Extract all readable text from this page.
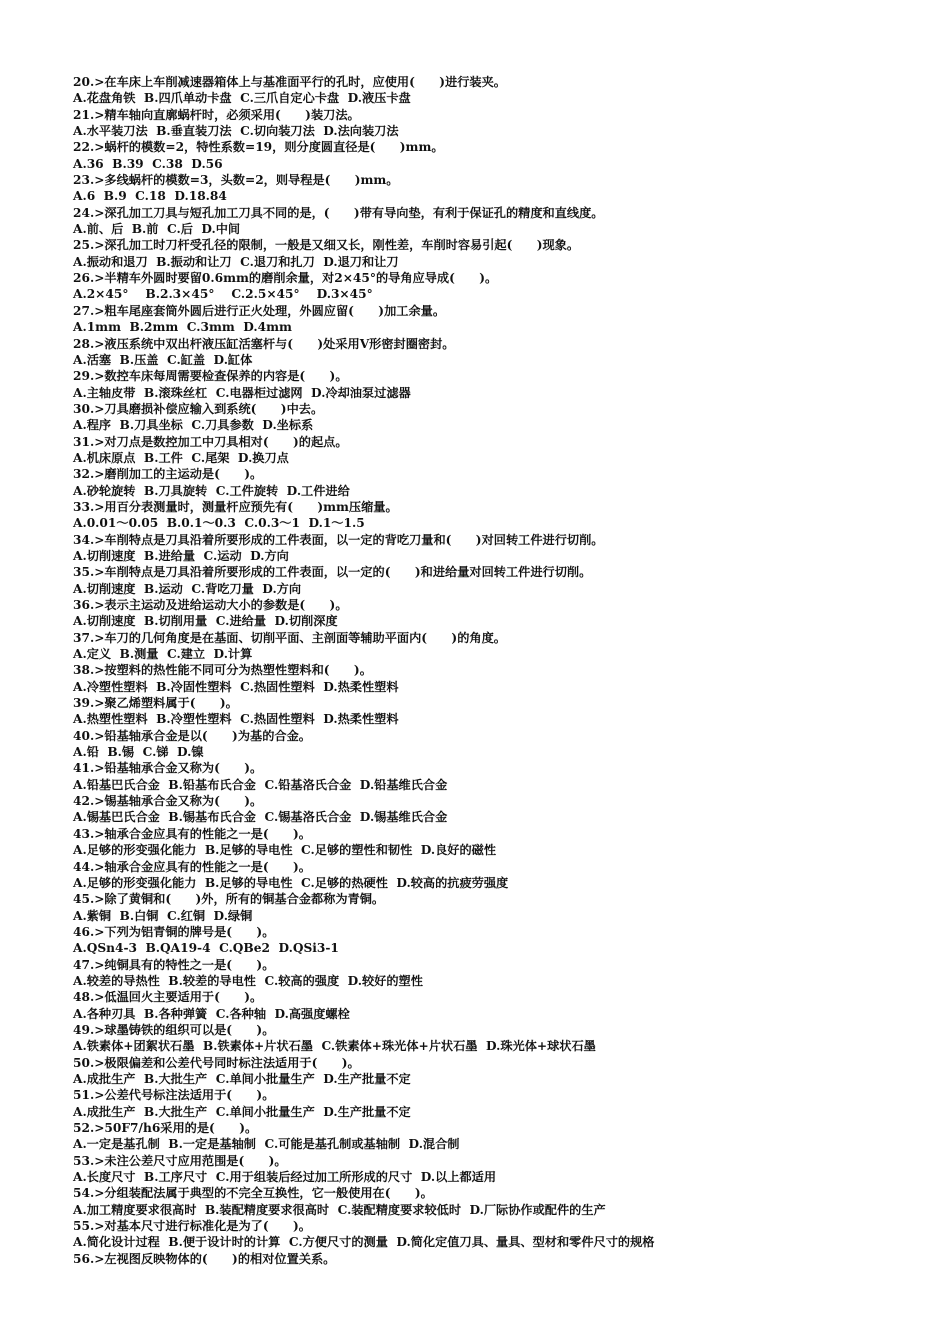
20.>在车床上车削减速器箱体上与基准面平行的孔时，应使用(　　)进行装夹。
A.花盘角铁  B.四爪单动卡盘  C.三爪自定心卡盘  D.液压卡盘
21.>精车轴向直廓蜗杆时，必须采用(　　)装刀法。
A.水平装刀法  B.垂直装刀法  C.切向装刀法  D.法向装刀法
22.>蜗杆的模数=2，特性系数=19，则分度圆直径是(　　)mm。
A.36  B.39  C.38  D.56
23.>多线蜗杆的模数=3，头数=2，则导程是(　　)mm。
A.6  B.9  C.18  D.18.84
24.>深孔加工刀具与短孔加工刀具不同的是，(　　)带有导向垫，有利于保证孔的精度和直线度。
A.前、后  B.前  C.后  D.中间
25.>深孔加工时刀杆受孔径的限制，一般是又细又长，刚性差，车削时容易引起(　　)现象。
A.振动和退刀  B.振动和让刀  C.退刀和扎刀  D.退刀和让刀
26.>半精车外圆时要留0.6mm的磨削余量，对2×45°的导角应导成(　　)。
A.2×45°    B.2.3×45°    C.2.5×45°    D.3×45°
27.>粗车尾座套筒外圆后进行正火处理，外圆应留(　　)加工余量。
A.1mm  B.2mm  C.3mm  D.4mm
28.>液压系统中双出杆液压缸活塞杆与(　　)处采用V形密封圈密封。
A.活塞  B.压盖  C.缸盖  D.缸体
29.>数控车床每周需要检查保养的内容是(　　)。
A.主轴皮带  B.滚珠丝杠  C.电器柜过滤网  D.冷却油泵过滤器
30.>刀具磨损补偿应输入到系统(　　)中去。
A.程序  B.刀具坐标  C.刀具参数  D.坐标系
31.>对刀点是数控加工中刀具相对(　　)的起点。
A.机床原点  B.工件  C.尾架  D.换刀点
32.>磨削加工的主运动是(　　)。
A.砂轮旋转  B.刀具旋转  C.工件旋转  D.工件进给
33.>用百分表测量时，测量杆应预先有(　　)mm压缩量。
A.0.01～0.05  B.0.1～0.3  C.0.3～1  D.1～1.5
34.>车削特点是刀具沿着所要形成的工件表面，以一定的背吃刀量和(　　)对回转工件进行切削。
A.切削速度  B.进给量  C.运动  D.方向
35.>车削特点是刀具沿着所要形成的工件表面，以一定的(　　)和进给量对回转工件进行切削。
A.切削速度  B.运动  C.背吃刀量  D.方向
36.>表示主运动及进给运动大小的参数是(　　)。
A.切削速度  B.切削用量  C.进给量  D.切削深度
37.>车刀的几何角度是在基面、切削平面、主剖面等辅助平面内(　　)的角度。
A.定义  B.测量  C.建立  D.计算
38.>按塑料的热性能不同可分为热塑性塑料和(　　)。
A.冷塑性塑料  B.冷固性塑料  C.热固性塑料  D.热柔性塑料
39.>聚乙烯塑料属于(　　)。
A.热塑性塑料  B.冷塑性塑料  C.热固性塑料  D.热柔性塑料
40.>铅基轴承合金是以(　　)为基的合金。
A.铅  B.锡  C.锑  D.镍
41.>铅基轴承合金又称为(　　)。
A.铅基巴氏合金  B.铅基布氏合金  C.铅基洛氏合金  D.铅基维氏合金
42.>锡基轴承合金又称为(　　)。
A.锡基巴氏合金  B.锡基布氏合金  C.锡基洛氏合金  D.锡基维氏合金
43.>轴承合金应具有的性能之一是(　　)。
A.足够的形变强化能力  B.足够的导电性  C.足够的塑性和韧性  D.良好的磁性
44.>轴承合金应具有的性能之一是(　　)。
A.足够的形变强化能力  B.足够的导电性  C.足够的热硬性  D.较高的抗疲劳强度
45.>除了黄铜和(　　)外，所有的铜基合金都称为青铜。
A.紫铜  B.白铜  C.红铜  D.绿铜
46.>下列为铝青铜的牌号是(　　)。
A.QSn4-3  B.QA19-4  C.QBe2  D.QSi3-1
47.>纯铜具有的特性之一是(　　)。
A.较差的导热性  B.较差的导电性  C.较高的强度  D.较好的塑性
48.>低温回火主要适用于(　　)。
A.各种刃具  B.各种弹簧  C.各种轴  D.高强度螺栓
49.>球墨铸铁的组织可以是(　　)。
A.铁素体+团絮状石墨  B.铁素体+片状石墨  C.铁素体+珠光体+片状石墨  D.珠光体+球状石墨
50.>极限偏差和公差代号同时标注法适用于(　　)。
A.成批生产  B.大批生产  C.单间小批量生产  D.生产批量不定
51.>公差代号标注法适用于(　　)。
A.成批生产  B.大批生产  C.单间小批量生产  D.生产批量不定
52.>50F7/h6采用的是(　　)。
A.一定是基孔制  B.一定是基轴制  C.可能是基孔制或基轴制  D.混合制
53.>未注公差尺寸应用范围是(　　)。
A.长度尺寸  B.工序尺寸  C.用于组装后经过加工所形成的尺寸  D.以上都适用
54.>分组装配法属于典型的不完全互换性，它一般使用在(　　)。
A.加工精度要求很高时  B.装配精度要求很高时  C.装配精度要求较低时  D.厂际协作或配件的生产
55.>对基本尺寸进行标准化是为了(　　)。
A.简化设计过程  B.便于设计时的计算  C.方便尺寸的测量  D.简化定值刀具、量具、型材和零件尺寸的规格
56.>左视图反映物体的(　　)的相对位置关系。
